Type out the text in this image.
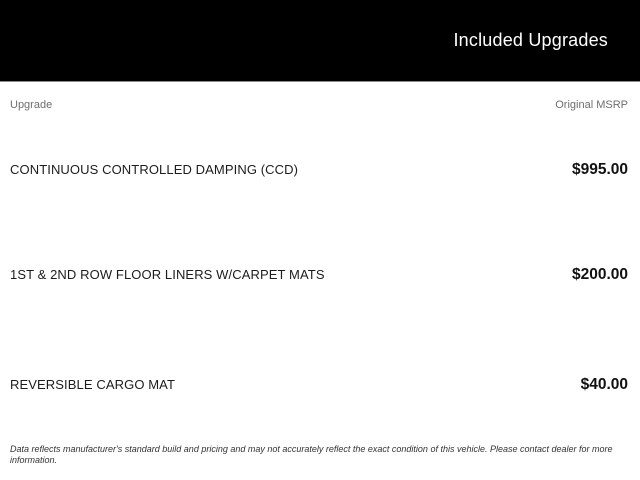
Included Upgrades
Upgrade	Original MSRP
CONTINUOUS CONTROLLED DAMPING (CCD)	$995.00
1ST & 2ND ROW FLOOR LINERS W/CARPET MATS	$200.00
REVERSIBLE CARGO MAT	$40.00
Data reflects manufacturer's standard build and pricing and may not accurately reflect the exact condition of this vehicle. Please contact dealer for more information.
